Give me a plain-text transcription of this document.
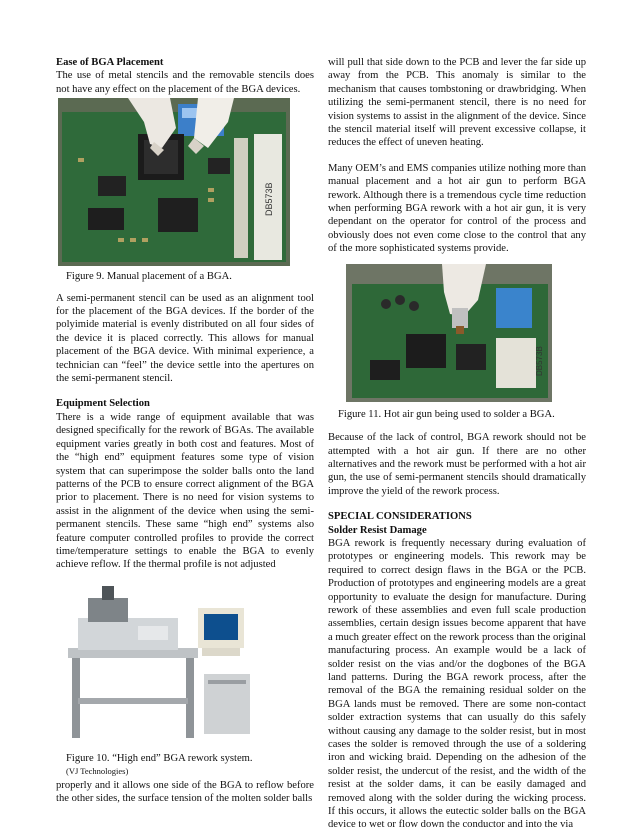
Ease of BGA Placement

The use of metal stencils and the removable stencils does not have any effect on the placement of the BGA devices.

DB573B

Figure 9. Manual placement of a BGA.

A semi-permanent stencil can be used as an alignment tool for the placement of the BGA devices. If the border of the polyimide material is evenly distributed on all four sides of the device it is placed correctly. This allows for manual placement of the BGA device. With minimal experience, a technician can “feel” the device settle into the apertures on the semi-permanent stencil.

Equipment Selection

There is a wide range of equipment available that was designed specifically for the rework of BGAs. The available equipment varies greatly in both cost and features. Most of the “high end” equipment features some type of vision system that can superimpose the solder balls onto the land patterns of the PCB to ensure correct alignment of the BGA prior to placement. There is no need for vision systems to assist in the alignment of the device when using the semi-permanent stencils. These same “high end” systems also feature computer controlled profiles to provide the correct time/temperature settings to enable the BGA to evenly achieve reflow. If the thermal profile is not adjusted

Figure 10. “High end” BGA rework system.

(VJ Technologies)

properly and it allows one side of the BGA to reflow before the other sides, the surface tension of the molten solder balls

will pull that side down to the PCB and lever the far side up away from the PCB. This anomaly is similar to the mechanism that causes tombstoning or drawbridging. When utilizing the semi-permanent stencil, there is no need for vision systems to assist in the alignment of the device. Since the stencil material itself will prevent excessive collapse, it reduces the effect of uneven heating.

Many OEM’s and EMS companies utilize nothing more than manual placement and a hot air gun to perform BGA rework. Although there is a tremendous cycle time reduction when performing BGA rework with a hot air gun, it is very dependant on the operator for control of the process and obviously does not even come close to the control that any of the more sophisticated systems provide.

DB573B

Figure 11. Hot air gun being used to solder a BGA.

Because of the lack of control, BGA rework should not be attempted with a hot air gun. If there are no other alternatives and the rework must be performed with a hot air gun, the use of semi-permanent stencils should dramatically improve the yield of the rework process.

SPECIAL CONSIDERATIONS

Solder Resist Damage

BGA rework is frequently necessary during evaluation of prototypes or engineering models. This rework may be required to correct design flaws in the BGA or the PCB. Production of prototypes and engineering models are a great opportunity to evaluate the design for manufacture. During rework of these assemblies and even full scale production assemblies, certain design issues become apparent that have a much greater effect on the rework process than the original manufacturing process. An example would be a lack of solder resist on the vias and/or the dogbones of the BGA land patterns. During the BGA rework process, after the removal of the BGA the remaining residual solder on the BGA lands must be removed. There are some non-contact solder extraction systems that can usually do this safely without causing any damage to the solder resist, but in most cases the solder is removed through the use of a soldering iron and wicking braid. Depending on the adhesion of the solder resist, the undercut of the resist, and the width of the resist at the solder dams, it can be easily damaged and removed along with the solder during the wicking process. If this occurs, it allows the eutectic solder balls on the BGA device to wet or flow down the conductor and into the via
